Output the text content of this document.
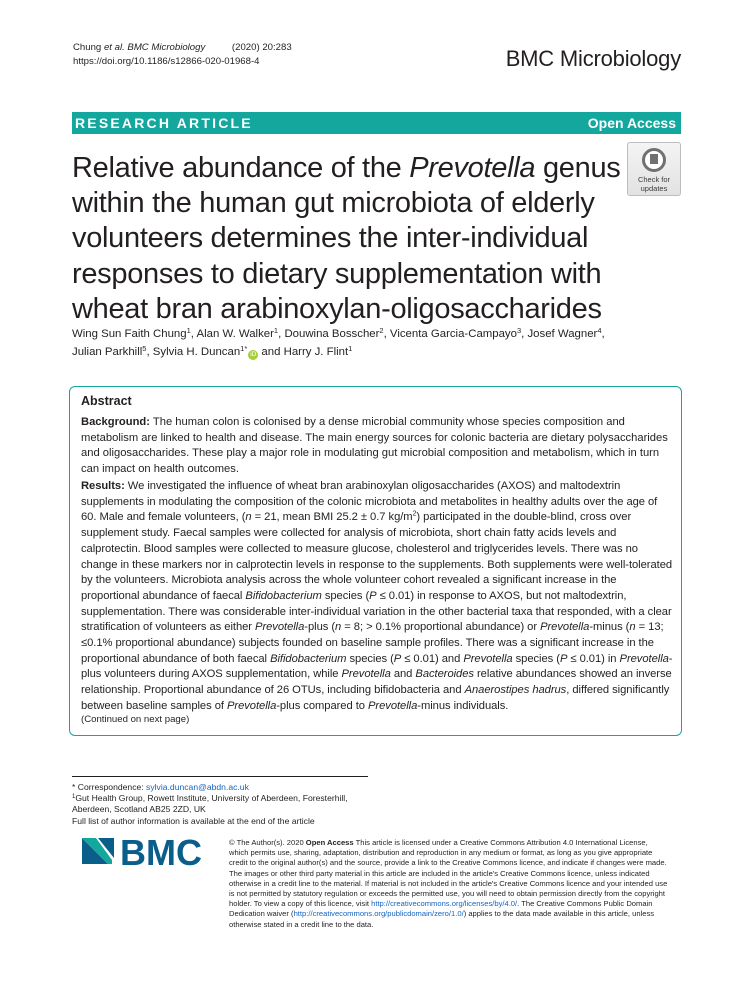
Chung et al. BMC Microbiology	(2020) 20:283
https://doi.org/10.1186/s12866-020-01968-4	BMC Microbiology
RESEARCH ARTICLE	Open Access
Relative abundance of the Prevotella genus within the human gut microbiota of elderly volunteers determines the inter-individual responses to dietary supplementation with wheat bran arabinoxylan-oligosaccharides
Check for
updates
Wing Sun Faith Chung$^1$, Alan W. Walker$^1$, Douwina Bosscher$^2$, Vicenta Garcia-Campayo$^3$, Josef Wagner$^4$,
Julian Parkhill$^5$, Sylvia H. Duncan$^{1*}$iD and Harry J. Flint$^1$
Abstract
Background: The human colon is colonised by a dense microbial community whose species composition and metabolism are linked to health and disease. The main energy sources for colonic bacteria are dietary polysaccharides and oligosaccharides. These play a major role in modulating gut microbial composition and metabolism, which in turn can impact on health outcomes.
Results: We investigated the influence of wheat bran arabinoxylan oligosaccharides (AXOS) and maltodextrin supplements in modulating the composition of the colonic microbiota and metabolites in healthy adults over the age of 60. Male and female volunteers, (n = 21, mean BMI 25.2 ± 0.7 $kg/m^2$) participated in the double-blind, cross over supplement study. Faecal samples were collected for analysis of microbiota, short chain fatty acids levels and calprotectin. Blood samples were collected to measure glucose, cholesterol and triglycerides levels. There was no change in these markers nor in calprotectin levels in response to the supplements. Both supplements were well-tolerated by the volunteers. Microbiota analysis across the whole volunteer cohort revealed a significant increase in the proportional abundance of faecal Bifidobacterium species (P ≤ 0.01) in response to AXOS, but not maltodextrin, supplementation. There was considerable inter-individual variation in the other bacterial taxa that responded, with a clear stratification of volunteers as either Prevotella-plus (n = 8; > 0.1% proportional abundance) or Prevotella-minus (n = 13; ≤0.1% proportional abundance) subjects founded on baseline sample profiles. There was a significant increase in the proportional abundance of both faecal Bifidobacterium species (P ≤ 0.01) and Prevotella species (P ≤ 0.01) in Prevotella-plus volunteers during AXOS supplementation, while Prevotella and Bacteroides relative abundances showed an inverse relationship. Proportional abundance of 26 OTUs, including bifidobacteria and Anaerostipes hadrus, differed significantly between baseline samples of Prevotella-plus compared to Prevotella-minus individuals.
(Continued on next page)
* Correspondence: sylvia.duncan@abdn.ac.uk
$^1$Gut Health Group, Rowett Institute, University of Aberdeen, Foresterhill,
Aberdeen, Scotland AB25 2ZD, UK
Full list of author information is available at the end of the article
BMC	© The Author(s). 2020 Open Access This article is licensed under a Creative Commons Attribution 4.0 International License, which permits use, sharing, adaptation, distribution and reproduction in any medium or format, as long as you give appropriate credit to the original author(s) and the source, provide a link to the Creative Commons licence, and indicate if changes were made. The images or other third party material in this article are included in the article's Creative Commons licence, unless indicated otherwise in a credit line to the material. If material is not included in the article's Creative Commons licence and your intended use is not permitted by statutory regulation or exceeds the permitted use, you will need to obtain permission directly from the copyright holder. To view a copy of this licence, visit http://creativecommons.org/licenses/by/4.0/. The Creative Commons Public Domain Dedication waiver (http://creativecommons.org/publicdomain/zero/1.0/) applies to the data made available in this article, unless otherwise stated in a credit line to the data.
